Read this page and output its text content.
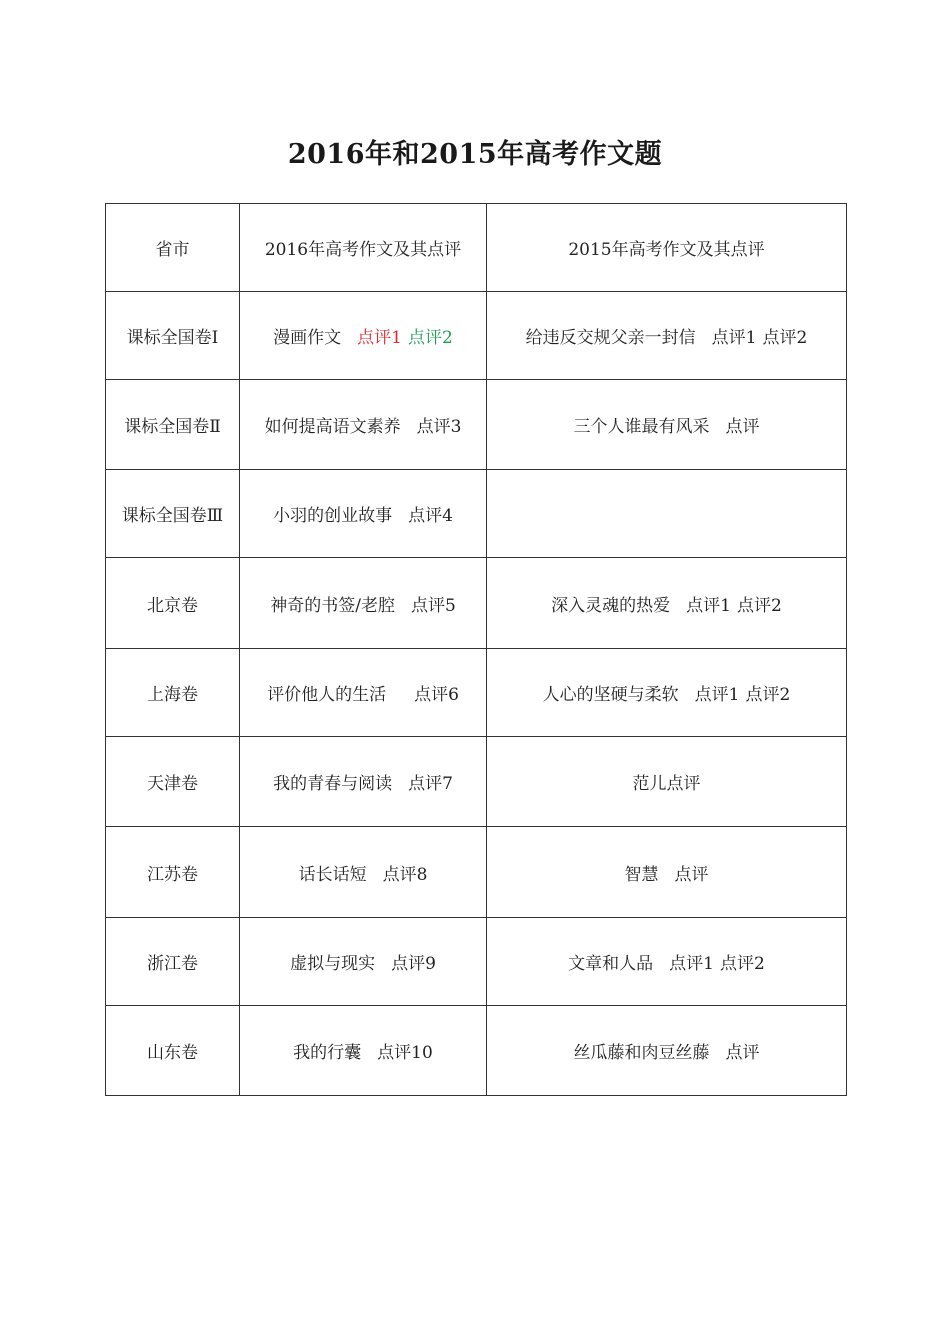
2016年和2015年高考作文题
省市	2016年高考作文及其点评	2015年高考作文及其点评
课标全国卷Ⅰ	漫画作文 点评1 点评2	给违反交规父亲一封信 点评1 点评2
课标全国卷Ⅱ	如何提高语文素养 点评3	三个人谁最有风采 点评
课标全国卷Ⅲ	小羽的创业故事 点评4	
北京卷	神奇的书签/老腔 点评5	深入灵魂的热爱 点评1 点评2
上海卷	评价他人的生活 点评6	人心的坚硬与柔软 点评1 点评2
天津卷	我的青春与阅读 点评7	范儿点评
江苏卷	话长话短 点评8	智慧 点评
浙江卷	虚拟与现实 点评9	文章和人品 点评1 点评2
山东卷	我的行囊 点评10	丝瓜藤和肉豆丝藤 点评
